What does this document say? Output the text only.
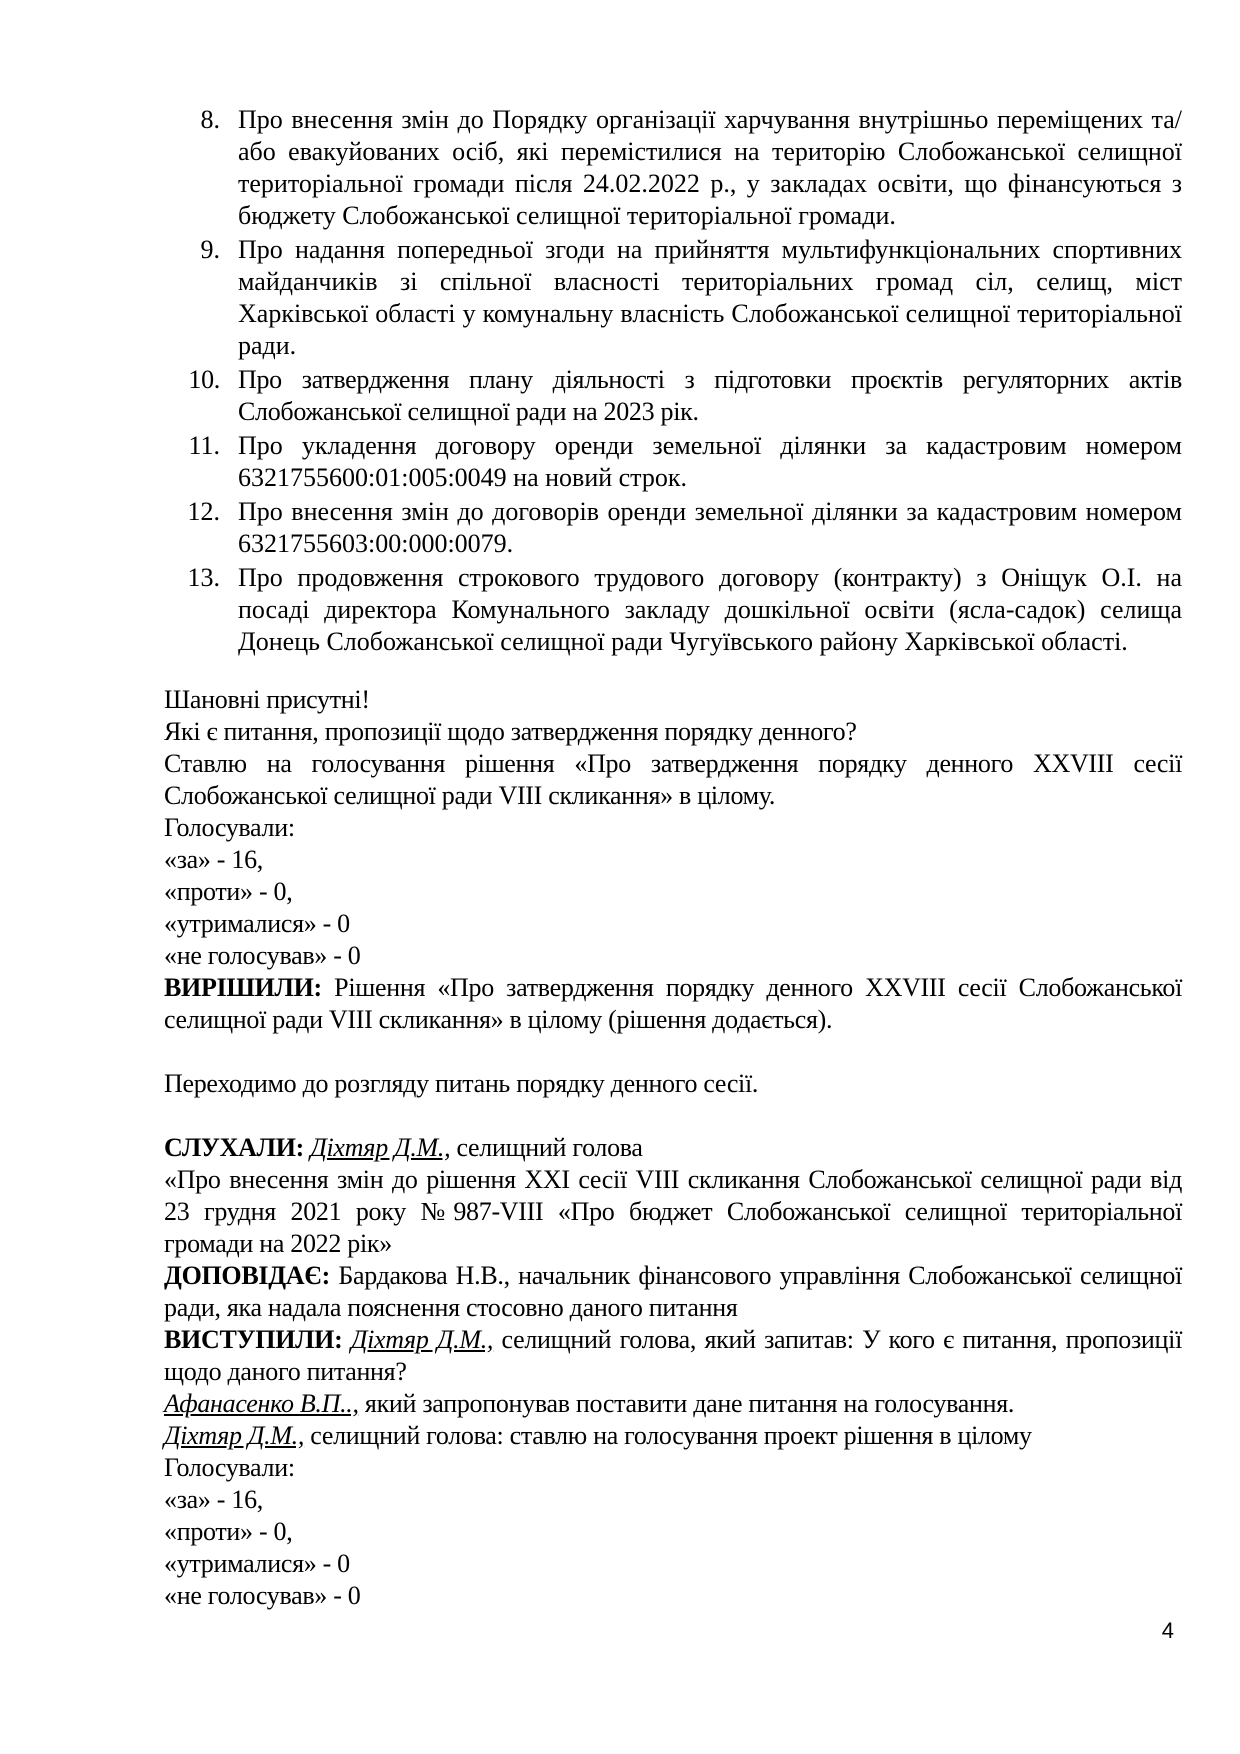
8. Про внесення змін до Порядку організації харчування внутрішньо переміщених та/або евакуйованих осіб, які перемістилися на територію Слобожанської селищної територіальної громади після 24.02.2022 р., у закладах освіти, що фінансуються з бюджету Слобожанської селищної територіальної громади.
9. Про надання попередньої згоди на прийняття мультифункціональних спортивних майданчиків зі спільної власності територіальних громад сіл, селищ, міст Харківської області у комунальну власність Слобожанської селищної територіальної ради.
10. Про затвердження плану діяльності з підготовки проєктів регуляторних актів Слобожанської селищної ради на 2023 рік.
11. Про укладення договору оренди земельної ділянки за кадастровим номером 6321755600:01:005:0049 на новий строк.
12. Про внесення змін до договорів оренди земельної ділянки за кадастровим номером 6321755603:00:000:0079.
13. Про продовження строкового трудового договору (контракту) з Оніщук О.І. на посаді директора Комунального закладу дошкільної освіти (ясла-садок) селища Донець Слобожанської селищної ради Чугуївського району Харківської області.

Шановні присутні!

Які є питання, пропозиції щодо затвердження порядку денного?

Ставлю на голосування рішення «Про затвердження порядку денного XXVIII сесії Слобожанської селищної ради VIII скликання» в цілому.

Голосували:

«за» - 16,

«проти» - 0,

«утрималися» - 0

«не голосував» - 0

ВИРІШИЛИ: Рішення «Про затвердження порядку денного XXVIII сесії Слобожанської селищної ради VIII скликання» в цілому (рішення додається).

Переходимо до розгляду питань порядку денного сесії.

СЛУХАЛИ: Діхтяр Д.М., селищний голова

«Про внесення змін до рішення XXI сесії VIII скликання Слобожанської селищної ради від 23 грудня 2021 року №987-VIII «Про бюджет Слобожанської селищної територіальної громади на 2022 рік»

ДОПОВІДАЄ: Бардакова Н.В., начальник фінансового управління Слобожанської селищної ради, яка надала пояснення стосовно даного питання

ВИСТУПИЛИ: Діхтяр Д.М., селищний голова, який запитав: У кого є питання, пропозиції щодо даного питання?

Афанасенко В.П.., який запропонував поставити дане питання на голосування.

Діхтяр Д.М., селищний голова: ставлю на голосування проект рішення в цілому

Голосували:

«за» - 16,

«проти» - 0,

«утрималися» - 0

«не голосував» - 0

4
